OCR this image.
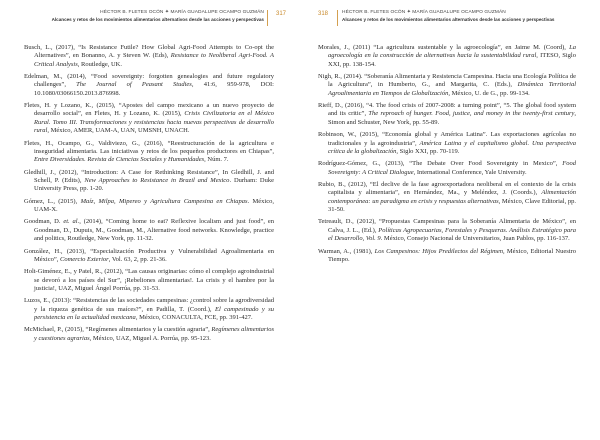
HÉCTOR B. FLETES OCÓN ✦ MARÍA GUADALUPE OCAMPO GUZMÁN
Alcances y retos de los movimientos alimentarios alternativos desde las acciones y perspectivas
317
Busch, L., (2017), “Is Resistance Futile? How Global Agri-Food Attempts to Co-opt the Alternatives”, en Bonanno, A. y Steven W. (Eds), Resistance to Neoliberal Agri-Food. A Critical Analysis, Routledge, UK.
Edelman, M., (2014), “Food sovereignty: forgotten genealogies and future regulatory challenges”, The Journal of Peasant Studies, 41:6, 959-978, DOI: 10.1080/03066150.2013.876998.
Fletes, H. y Lozano, K., (2015), “Apostes del campo mexicano a un nuevo proyecto de desarrollo social”, en Fletes, H. y Lozano, K. (2015), Crisis Civilizatoria en el México Rural. Tomo III. Transformaciones y resistencias hacia nuevas perspectivas de desarrollo rural, México, AMER, UAM-A, UAN, UMSNH, UNACH.
Fletes, H., Ocampo, G., Valdiviezo, G., (2016), “Reestructuración de la agricultura e inseguridad alimentaria. Las iniciativas y retos de los pequeños productores en Chiapas”, Entre Diversidades. Revista de Ciencias Sociales y Humanidades, Núm. 7.
Gledhill, J., (2012), “Introduction: A Case for Rethinking Resistance”, In Gledhill, J. and Schell, P. (Edits), New Approaches to Resistance in Brazil and Mexico. Durham: Duke University Press, pp. 1-20.
Gómez, L., (2015), Maíz, Milpa, Mipereo y Agricultura Campesina en Chiapas. México, UAM-X.
Goodman, D. et. al., (2014), “Coming home to eat? Reflexive localism and just food”, en Goodman, D., Dupuis, M., Goodman, M., Alternative food networks. Knowledge, practice and politics, Routledge, New York, pp. 11-32.
González, H., (2013), “Especialización Productiva y Vulnerabilidad Agroalimentaria en México”, Comercio Exterior, Vol. 63, 2, pp. 21-36.
Holt-Giménez, E., y Patel, R., (2012), “Las causas originarias: cómo el complejo agroindustrial se devoró a los países del Sur”, ¡Rebeliones alimentarias!. La crisis y el hambre por la justicia!, UAZ, Miguel Ángel Porrúa, pp. 31-53.
Luzos, E., (2013): “Resistencias de las sociedades campesinas: ¿control sobre la agrodiversidad y la riqueza genética de sus maíces?”, en Padilla, T. (Coord.), El campesinado y su persistencia en la actualidad mexicana, México, CONACULTA, FCE, pp. 391-427.
McMichael, P., (2015), “Regímenes alimentarios y la cuestión agraria”, Regímenes alimentarios y cuestiones agrarias, México, UAZ, Miguel A. Porrúa, pp. 95-123.
318	HÉCTOR B. FLETES OCÓN ✦ MARÍA GUADALUPE OCAMPO GUZMÁN
Alcances y retos de los movimientos alimentarios alternativos desde las acciones y perspectivas
Morales, J., (2011) “La agricultura sustentable y la agroecología”, en Jaime M. (Coord), La agroecología en la construcción de alternativas hacia la sustentabilidad rural, ITESO, Siglo XXI, pp. 138-154.
Nigh, R., (2014). “Soberanía Alimentaria y Resistencia Campesina. Hacia una Ecología Política de la Agricultura”, in Humberto, G., and Margarita, C. (Eds.), Dinámica Territorial Agroalimentaria en Tiempos de Globalización, México, U. de G., pp. 99-134.
Rieff, D., (2016), “4. The food crisis of 2007-2008: a turning point”, “5. The global food system and its critic”, The reproach of hunger. Food, justice, and money in the twenty-first century, Simon and Schuster, New York, pp. 55-89.
Robinson, W., (2015), “Economía global y América Latina”. Las exportaciones agrícolas no tradicionales y la agroindustria”, América Latina y el capitalismo global. Una perspectiva crítica de la globalización, Siglo XXI, pp. 70-119.
Rodríguez-Gómez, G., (2013), “The Debate Over Food Sovereignty in Mexico”, Food Sovereignty: A Critical Dialogue, International Conference, Yale University.
Rubio, B., (2012), “El declive de la fase agroexportadora neoliberal en el contexto de la crisis capitalista y alimentaria”, en Hernández, Ma., y Meléndez, J. (Coords.), Alimentación contemporánea: un paradigma en crisis y respuestas alternativas, México, Clave Editorial, pp. 31-50.
Tetreault, D., (2012), “Propuestas Campesinas para la Soberanía Alimentaria de México”, en Calva, J. L., (Ed.), Políticas Agropecuarias, Forestales y Pesqueras. Análisis Estratégico para el Desarrollo, Vol. 9. México, Consejo Nacional de Universitarios, Juan Pablos, pp. 116-137.
Warman, A., (1981), Los Campesinos: Hijos Predilectos del Régimen, México, Editorial Nuestro Tiempo.
